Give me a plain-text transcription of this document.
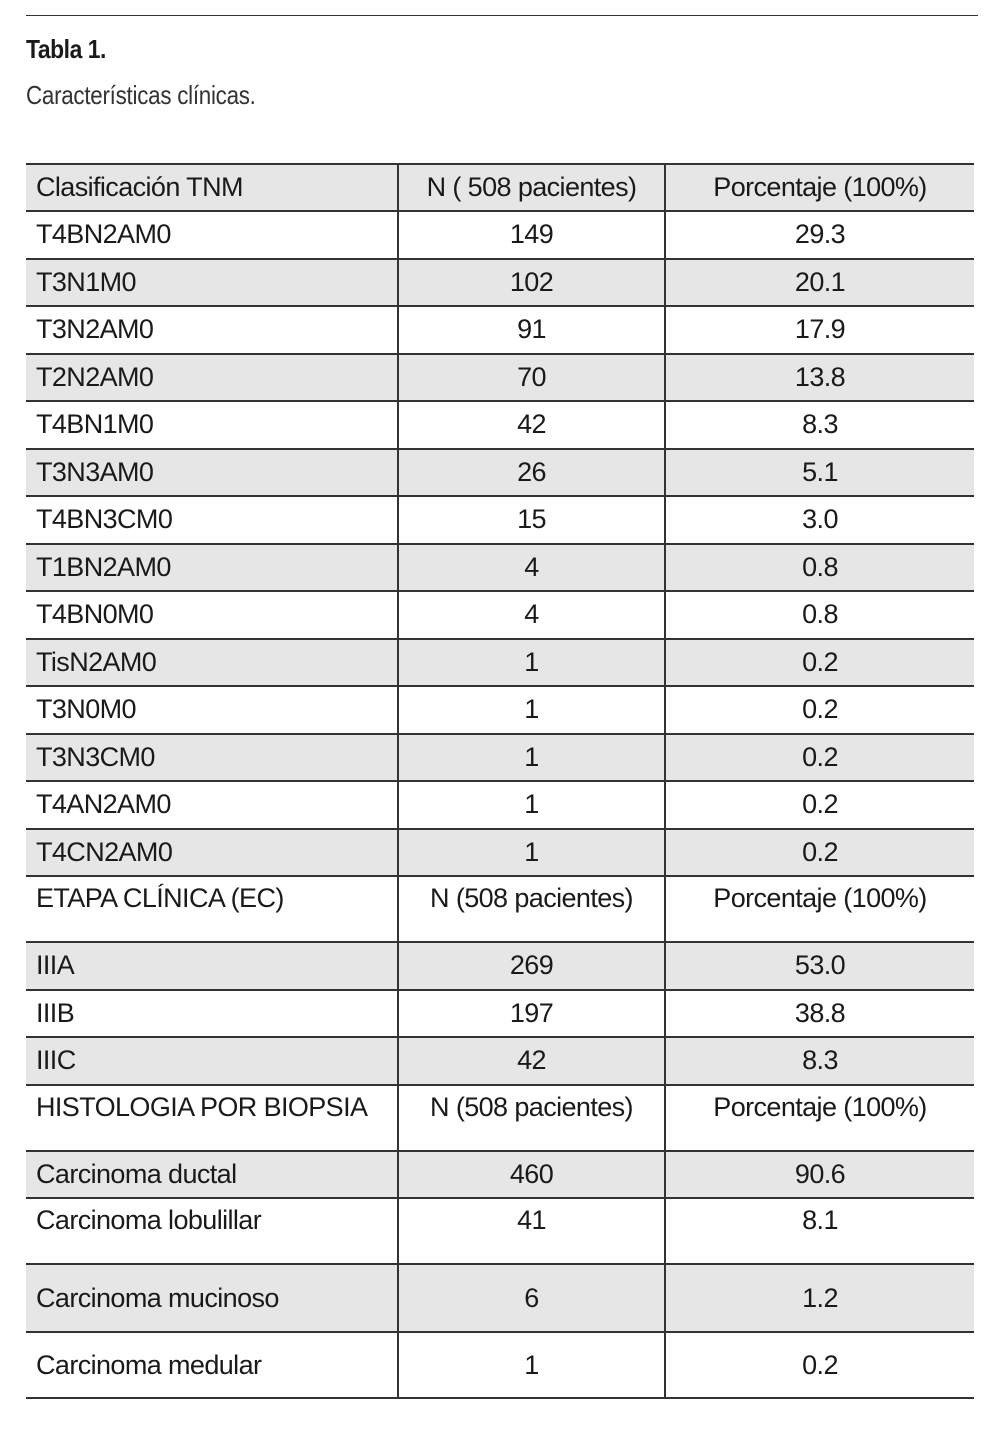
Tabla 1.
Características clínicas.
Clasificación TNM	N ( 508 pacientes)	Porcentaje (100%)
T4BN2AM0	149	29.3
T3N1M0	102	20.1
T3N2AM0	91	17.9
T2N2AM0	70	13.8
T4BN1M0	42	8.3
T3N3AM0	26	5.1
T4BN3CM0	15	3.0
T1BN2AM0	4	0.8
T4BN0M0	4	0.8
TisN2AM0	1	0.2
T3N0M0	1	0.2
T3N3CM0	1	0.2
T4AN2AM0	1	0.2
T4CN2AM0	1	0.2
ETAPA CLÍNICA (EC)	N (508 pacientes)	Porcentaje (100%)
IIIA	269	53.0
IIIB	197	38.8
IIIC	42	8.3
HISTOLOGIA POR BIOPSIA	N (508 pacientes)	Porcentaje (100%)
Carcinoma ductal	460	90.6
Carcinoma lobulillar	41	8.1
Carcinoma mucinoso	6	1.2
Carcinoma medular	1	0.2
